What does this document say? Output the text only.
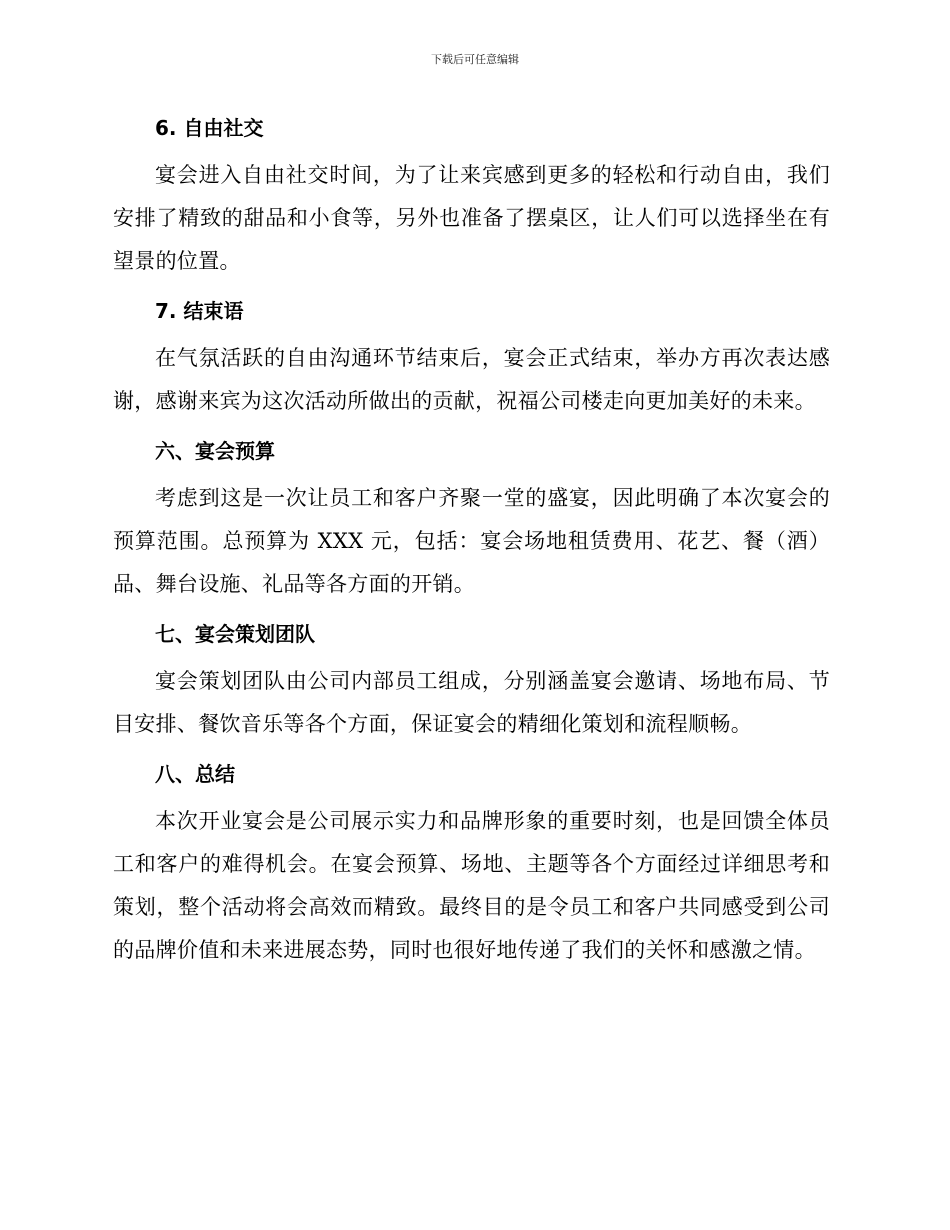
下载后可任意编辑
6. 自由社交

宴会进入自由社交时间，为了让来宾感到更多的轻松和行动自由，我们安排了精致的甜品和小食等，另外也准备了摆桌区，让人们可以选择坐在有望景的位置。

7. 结束语

在气氛活跃的自由沟通环节结束后，宴会正式结束，举办方再次表达感谢，感谢来宾为这次活动所做出的贡献，祝福公司楼走向更加美好的未来。

六、宴会预算

考虑到这是一次让员工和客户齐聚一堂的盛宴，因此明确了本次宴会的预算范围。总预算为 XXX 元，包括：宴会场地租赁费用、花艺、餐（酒）品、舞台设施、礼品等各方面的开销。

七、宴会策划团队

宴会策划团队由公司内部员工组成，分别涵盖宴会邀请、场地布局、节目安排、餐饮音乐等各个方面，保证宴会的精细化策划和流程顺畅。

八、总结

本次开业宴会是公司展示实力和品牌形象的重要时刻，也是回馈全体员工和客户的难得机会。在宴会预算、场地、主题等各个方面经过详细思考和策划，整个活动将会高效而精致。最终目的是令员工和客户共同感受到公司的品牌价值和未来进展态势，同时也很好地传递了我们的关怀和感激之情。
